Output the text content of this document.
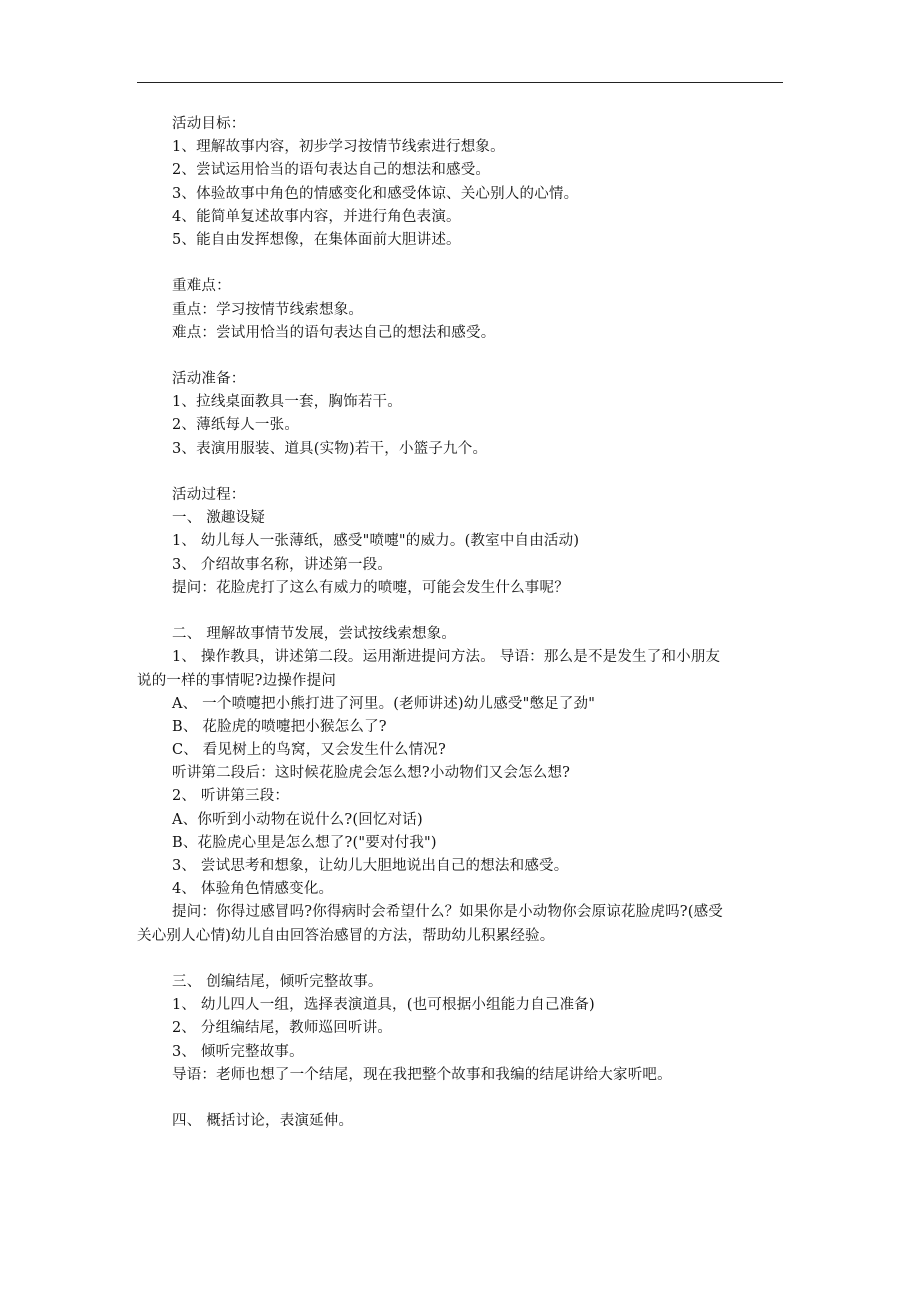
活动目标：
1、理解故事内容，初步学习按情节线索进行想象。
2、尝试运用恰当的语句表达自己的想法和感受。
3、体验故事中角色的情感变化和感受体谅、关心别人的心情。
4、能简单复述故事内容，并进行角色表演。
5、能自由发挥想像，在集体面前大胆讲述。
重难点：
重点：学习按情节线索想象。
难点：尝试用恰当的语句表达自己的想法和感受。
活动准备：
1、拉线桌面教具一套，胸饰若干。
2、薄纸每人一张。
3、表演用服装、道具(实物)若干，小篮子九个。
活动过程：
一、 激趣设疑
1、 幼儿每人一张薄纸，感受"喷嚏"的威力。(教室中自由活动)
3、 介绍故事名称，讲述第一段。
提问：花脸虎打了这么有威力的喷嚏，可能会发生什么事呢？
二、 理解故事情节发展，尝试按线索想象。
1、 操作教具，讲述第二段。运用渐进提问方法。 导语：那么是不是发生了和小朋友
说的一样的事情呢?边操作提问
A、 一个喷嚏把小熊打进了河里。(老师讲述)幼儿感受"憋足了劲"
B、 花脸虎的喷嚏把小猴怎么了?
C、 看见树上的鸟窝，又会发生什么情况?
听讲第二段后：这时候花脸虎会怎么想?小动物们又会怎么想?
2、 听讲第三段：
A、你听到小动物在说什么?(回忆对话)
B、花脸虎心里是怎么想了?("要对付我")
3、 尝试思考和想象，让幼儿大胆地说出自己的想法和感受。
4、 体验角色情感变化。
提问：你得过感冒吗?你得病时会希望什么？如果你是小动物你会原谅花脸虎吗?(感受
关心别人心情)幼儿自由回答治感冒的方法，帮助幼儿积累经验。
三、 创编结尾，倾听完整故事。
1、 幼儿四人一组，选择表演道具，(也可根据小组能力自己准备)
2、 分组编结尾，教师巡回听讲。
3、 倾听完整故事。
导语：老师也想了一个结尾，现在我把整个故事和我编的结尾讲给大家听吧。
四、 概括讨论，表演延伸。
